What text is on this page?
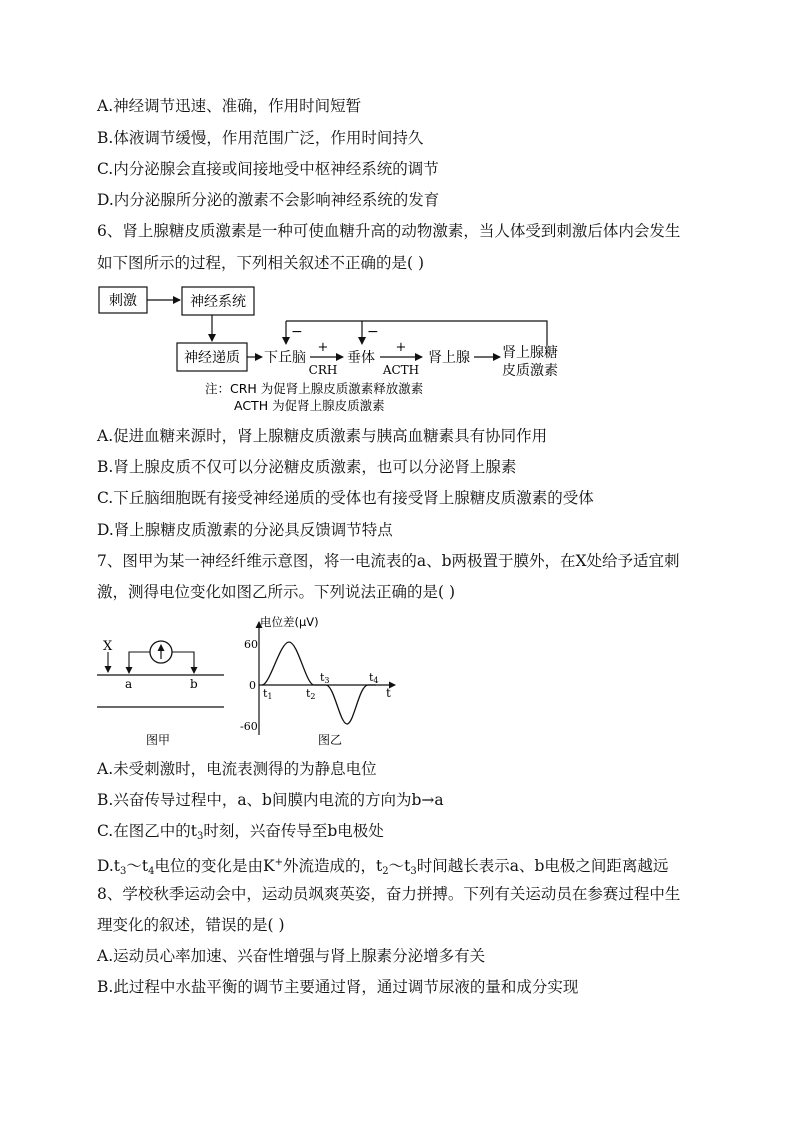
A.神经调节迅速、准确，作用时间短暂
B.体液调节缓慢，作用范围广泛，作用时间持久
C.内分泌腺会直接或间接地受中枢神经系统的调节
D.内分泌腺所分泌的激素不会影响神经系统的发育
6、肾上腺糖皮质激素是一种可使血糖升高的动物激素，当人体受到刺激后体内会发生
如下图所示的过程，下列相关叙述不正确的是( )
刺激	神经系统
神经递质 下丘脑
+
CRH
垂体
+
ACTH
肾上腺 肾上腺糖
皮质激素
−	−
注：CRH 为促肾上腺皮质激素释放激素
ACTH 为促肾上腺皮质激素
A.促进血糖来源时，肾上腺糖皮质激素与胰高血糖素具有协同作用
B.肾上腺皮质不仅可以分泌糖皮质激素，也可以分泌肾上腺素
C.下丘脑细胞既有接受神经递质的受体也有接受肾上腺糖皮质激素的受体
D.肾上腺糖皮质激素的分泌具反馈调节特点
7、图甲为某一神经纤维示意图，将一电流表的a、b两极置于膜外，在X处给予适宜刺
激，测得电位变化如图乙所示。下列说法正确的是( )
X
a	b
图甲
电位差(μV)
t
60
0
-60
t1	t2
t3	t4
图乙
A.未受刺激时，电流表测得的为静息电位
B.兴奋传导过程中，a、b间膜内电流的方向为b→a
C.在图乙中的$t_3$时刻，兴奋传导至b电极处
$D.t_3\sim t_4$电位的变化是由K+外流造成的，$t_2\sim t_3$时间越长表示a、b电极之间距离越远
8、学校秋季运动会中，运动员飒爽英姿，奋力拼搏。下列有关运动员在参赛过程中生
理变化的叙述，错误的是( )
A.运动员心率加速、兴奋性增强与肾上腺素分泌增多有关
B.此过程中水盐平衡的调节主要通过肾，通过调节尿液的量和成分实现
